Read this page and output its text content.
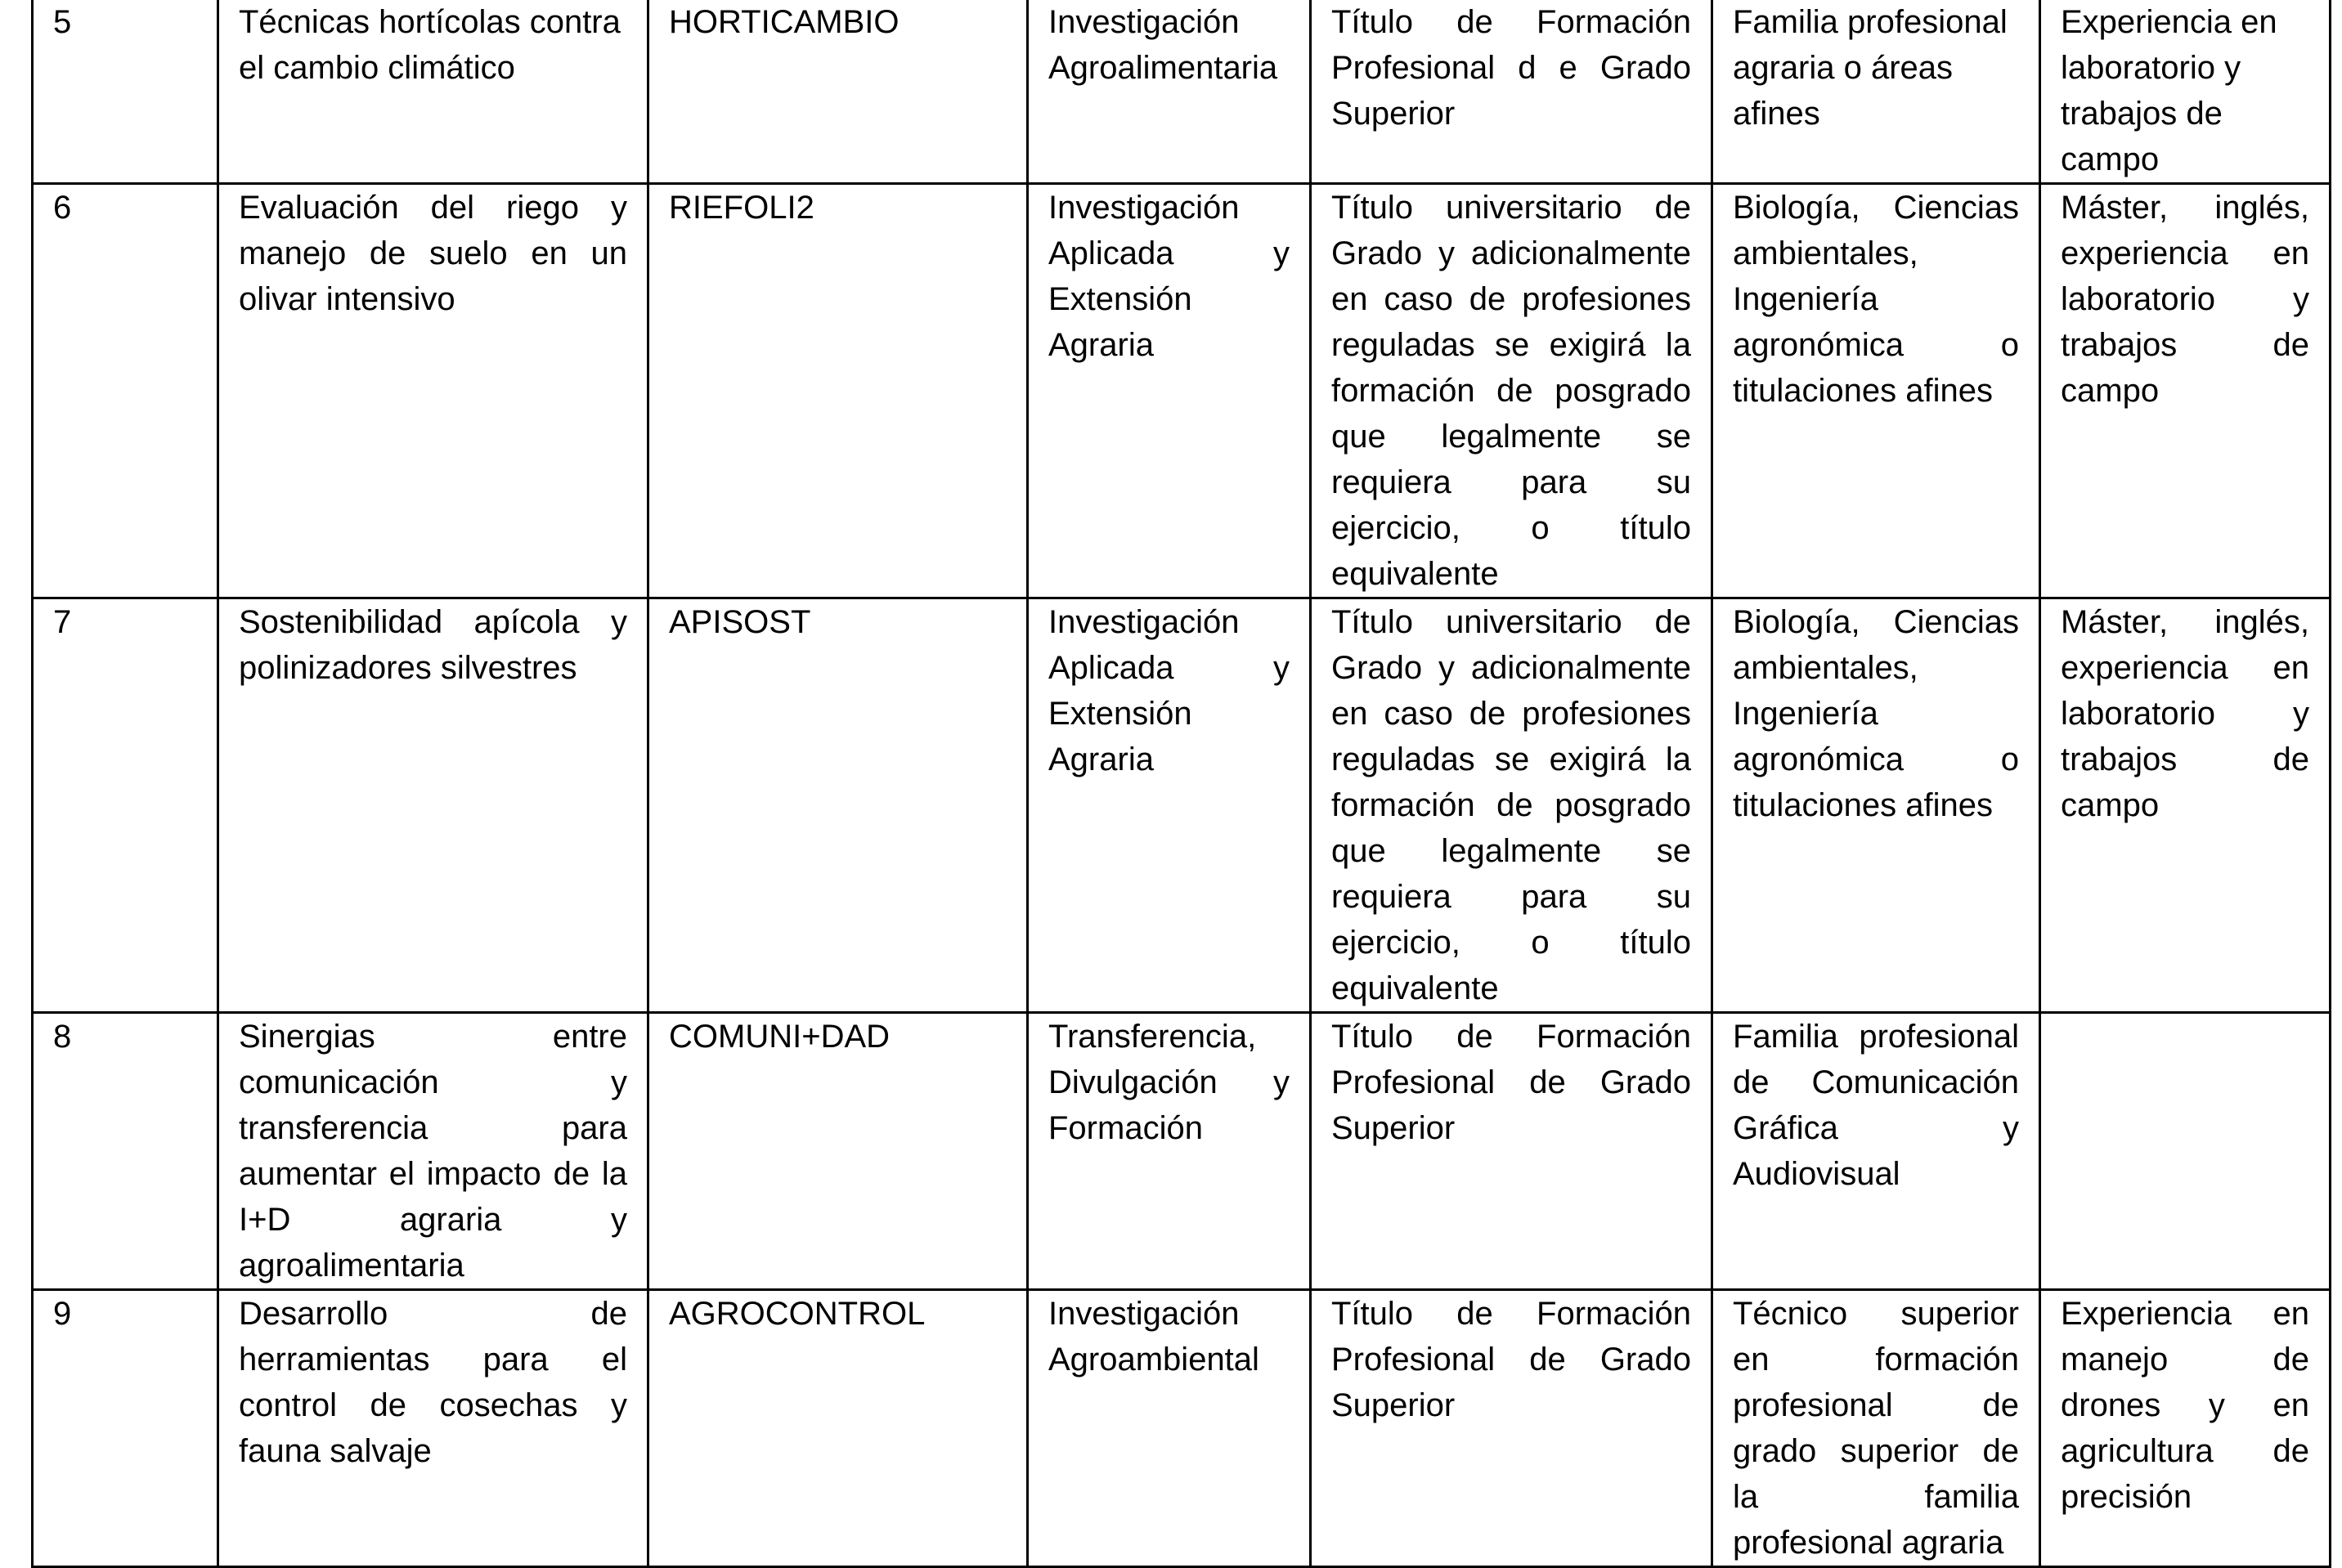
5	Técnicas hortícolas contra el cambio climático	HORTICAMBIO	Investigación Agroalimentaria	Título de Formación Profesional d e Grado Superior	Familia profesional agraria o áreas afines	Experiencia en laboratorio y trabajos de campo
6	Evaluación del riego y manejo de suelo en un olivar intensivo	RIEFOLI2	Investigación Aplicada y Extensión Agraria	Título universitario de Grado y adicionalmente en caso de profesiones reguladas se exigirá la formación de posgrado que legalmente se requiera para su ejercicio, o título equivalente	Biología, Ciencias ambientales, Ingeniería agronómica o titulaciones afines	Máster, inglés, experiencia en laboratorio y trabajos de campo
7	Sostenibilidad apícola y polinizadores silvestres	APISOST	Investigación Aplicada y Extensión Agraria	Título universitario de Grado y adicionalmente en caso de profesiones reguladas se exigirá la formación de posgrado que legalmente se requiera para su ejercicio, o título equivalente	Biología, Ciencias ambientales, Ingeniería agronómica o titulaciones afines	Máster, inglés, experiencia en laboratorio y trabajos de campo
8	Sinergias entre comunicación y transferencia para aumentar el impacto de la I+D agraria y agroalimentaria	COMUNI+DAD	Transferencia, Divulgación y Formación	Título de Formación Profesional de Grado Superior	Familia profesional de Comunicación Gráfica y Audiovisual	
9	Desarrollo de herramientas para el control de cosechas y fauna salvaje	AGROCONTROL	Investigación Agroambiental	Título de Formación Profesional de Grado Superior	Técnico superior en formación profesional de grado superior de la familia profesional agraria	Experiencia en manejo de drones y en agricultura de precisión
